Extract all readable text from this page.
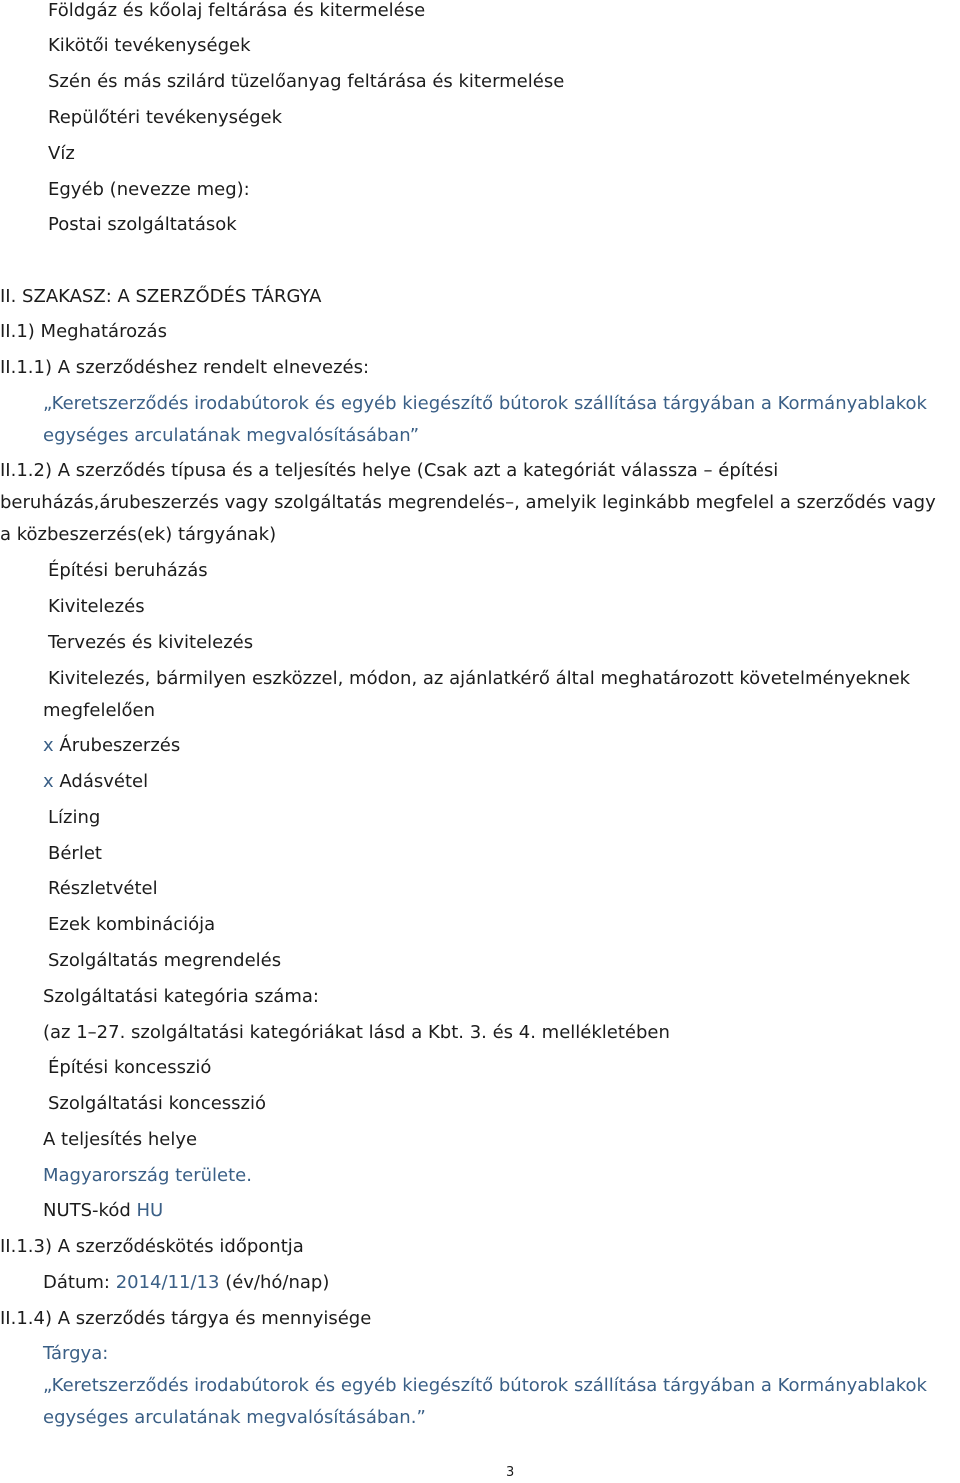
Földgáz és kőolaj feltárása és kitermelése
Kikötői tevékenységek
Szén és más szilárd tüzelőanyag feltárása és kitermelése
Repülőtéri tevékenységek
Víz
Egyéb (nevezze meg):
Postai szolgáltatások
II. SZAKASZ: A SZERZŐDÉS TÁRGYA
II.1) Meghatározás
II.1.1) A szerződéshez rendelt elnevezés:
„Keretszerződés irodabútorok és egyéb kiegészítő bútorok szállítása tárgyában a Kormányablakok
egységes arculatának megvalósításában”
II.1.2) A szerződés típusa és a teljesítés helye (Csak azt a kategóriát válassza – építési
beruházás,árubeszerzés vagy szolgáltatás megrendelés–, amelyik leginkább megfelel a szerződés vagy
a közbeszerzés(ek) tárgyának)
Építési beruházás
Kivitelezés
Tervezés és kivitelezés
Kivitelezés, bármilyen eszközzel, módon, az ajánlatkérő által meghatározott követelményeknek
megfelelően
x Árubeszerzés
x Adásvétel
Lízing
Bérlet
Részletvétel
Ezek kombinációja
Szolgáltatás megrendelés
Szolgáltatási kategória száma:
(az 1–27. szolgáltatási kategóriákat lásd a Kbt. 3. és 4. mellékletében
Építési koncesszió
Szolgáltatási koncesszió
A teljesítés helye
Magyarország területe.
NUTS-kód HU
II.1.3) A szerződéskötés időpontja
Dátum: 2014/11/13 (év/hó/nap)
II.1.4) A szerződés tárgya és mennyisége
Tárgya:
„Keretszerződés irodabútorok és egyéb kiegészítő bútorok szállítása tárgyában a Kormányablakok
egységes arculatának megvalósításában.”
3
